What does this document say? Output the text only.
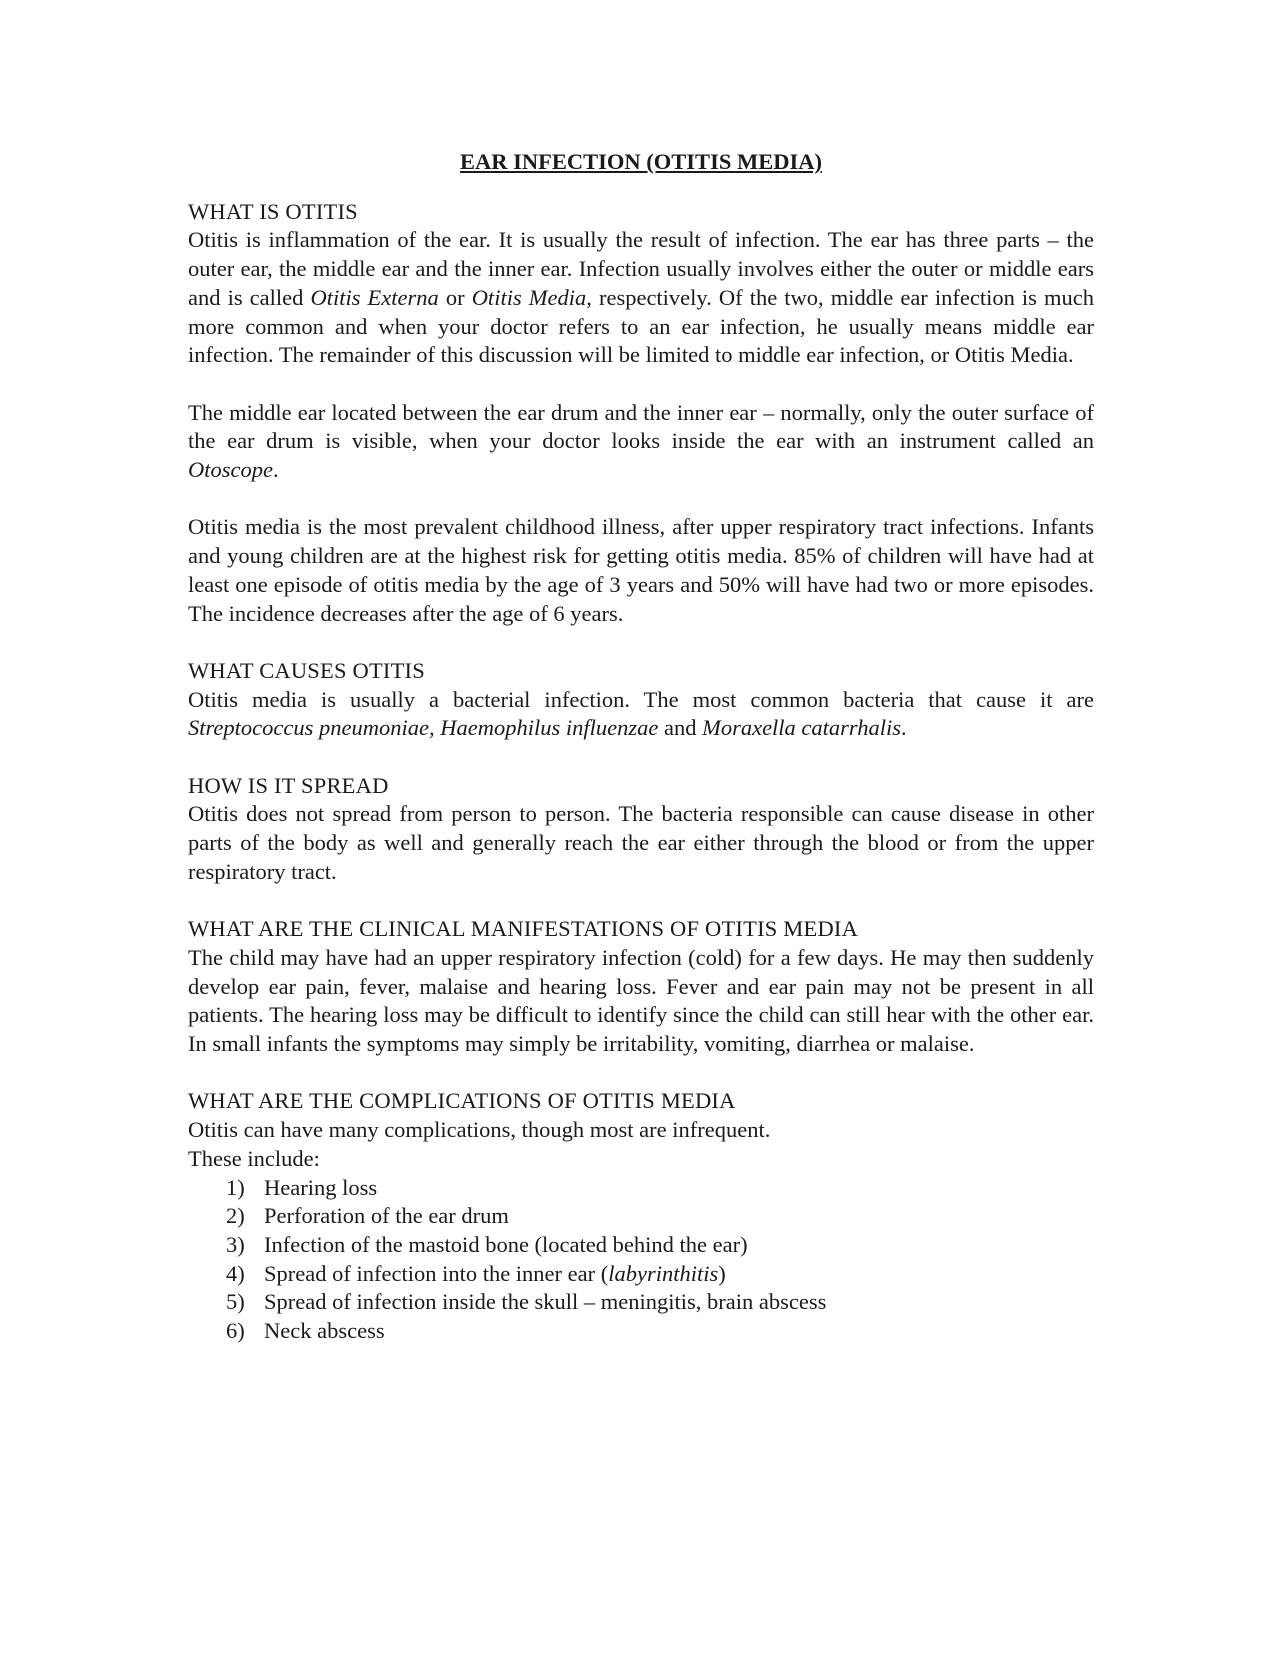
EAR INFECTION (OTITIS MEDIA)
WHAT IS OTITIS

Otitis is inflammation of the ear. It is usually the result of infection. The ear has three parts – the outer ear, the middle ear and the inner ear. Infection usually involves either the outer or middle ears and is called Otitis Externa or Otitis Media, respectively. Of the two, middle ear infection is much more common and when your doctor refers to an ear infection, he usually means middle ear infection. The remainder of this discussion will be limited to middle ear infection, or Otitis Media.

The middle ear located between the ear drum and the inner ear – normally, only the outer surface of the ear drum is visible, when your doctor looks inside the ear with an instrument called an Otoscope.

Otitis media is the most prevalent childhood illness, after upper respiratory tract infections. Infants and young children are at the highest risk for getting otitis media. 85% of children will have had at least one episode of otitis media by the age of 3 years and 50% will have had two or more episodes. The incidence decreases after the age of 6 years.

WHAT CAUSES OTITIS

Otitis media is usually a bacterial infection. The most common bacteria that cause it are Streptococcus pneumoniae, Haemophilus influenzae and Moraxella catarrhalis.

HOW IS IT SPREAD

Otitis does not spread from person to person. The bacteria responsible can cause disease in other parts of the body as well and generally reach the ear either through the blood or from the upper respiratory tract.

WHAT ARE THE CLINICAL MANIFESTATIONS OF OTITIS MEDIA

The child may have had an upper respiratory infection (cold) for a few days. He may then suddenly develop ear pain, fever, malaise and hearing loss. Fever and ear pain may not be present in all patients. The hearing loss may be difficult to identify since the child can still hear with the other ear. In small infants the symptoms may simply be irritability, vomiting, diarrhea or malaise.

WHAT ARE THE COMPLICATIONS OF OTITIS MEDIA

Otitis can have many complications, though most are infrequent.

These include:

1) Hearing loss
2) Perforation of the ear drum
3) Infection of the mastoid bone (located behind the ear)
4) Spread of infection into the inner ear (labyrinthitis)
5) Spread of infection inside the skull – meningitis, brain abscess
6) Neck abscess
